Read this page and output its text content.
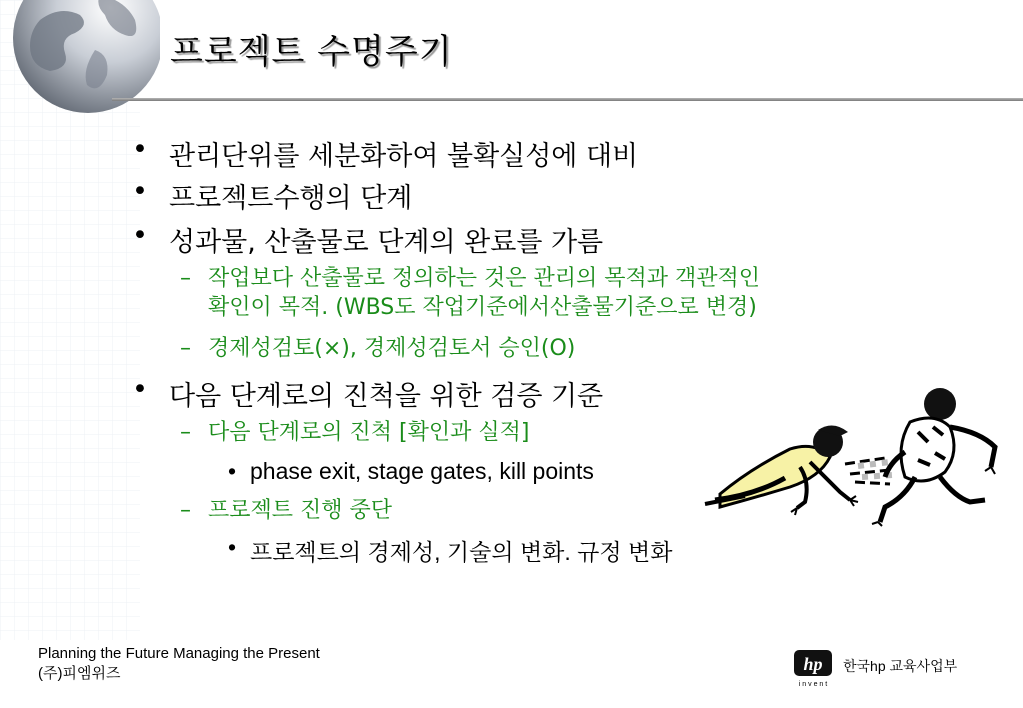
프로젝트 수명주기
• 관리단위를 세분화하여 불확실성에 대비
• 프로젝트수행의 단계
• 성과물, 산출물로 단계의 완료를 가름
– 작업보다 산출물로 정의하는 것은 관리의 목적과 객관적인
확인이 목적. (WBS도 작업기준에서산출물기준으로 변경)
– 경제성검토(×), 경제성검토서 승인(O)
• 다음 단계로의 진척을 위한 검증 기준
– 다음 단계로의 진척 [확인과 실적]
• phase exit, stage gates, kill points
– 프로젝트 진행 중단
• 프로젝트의 경제성, 기술의 변화. 규정 변화
Planning the Future Managing the Present
(주)피엠위즈	hp
i n v e n t
한국hp 교육사업부
